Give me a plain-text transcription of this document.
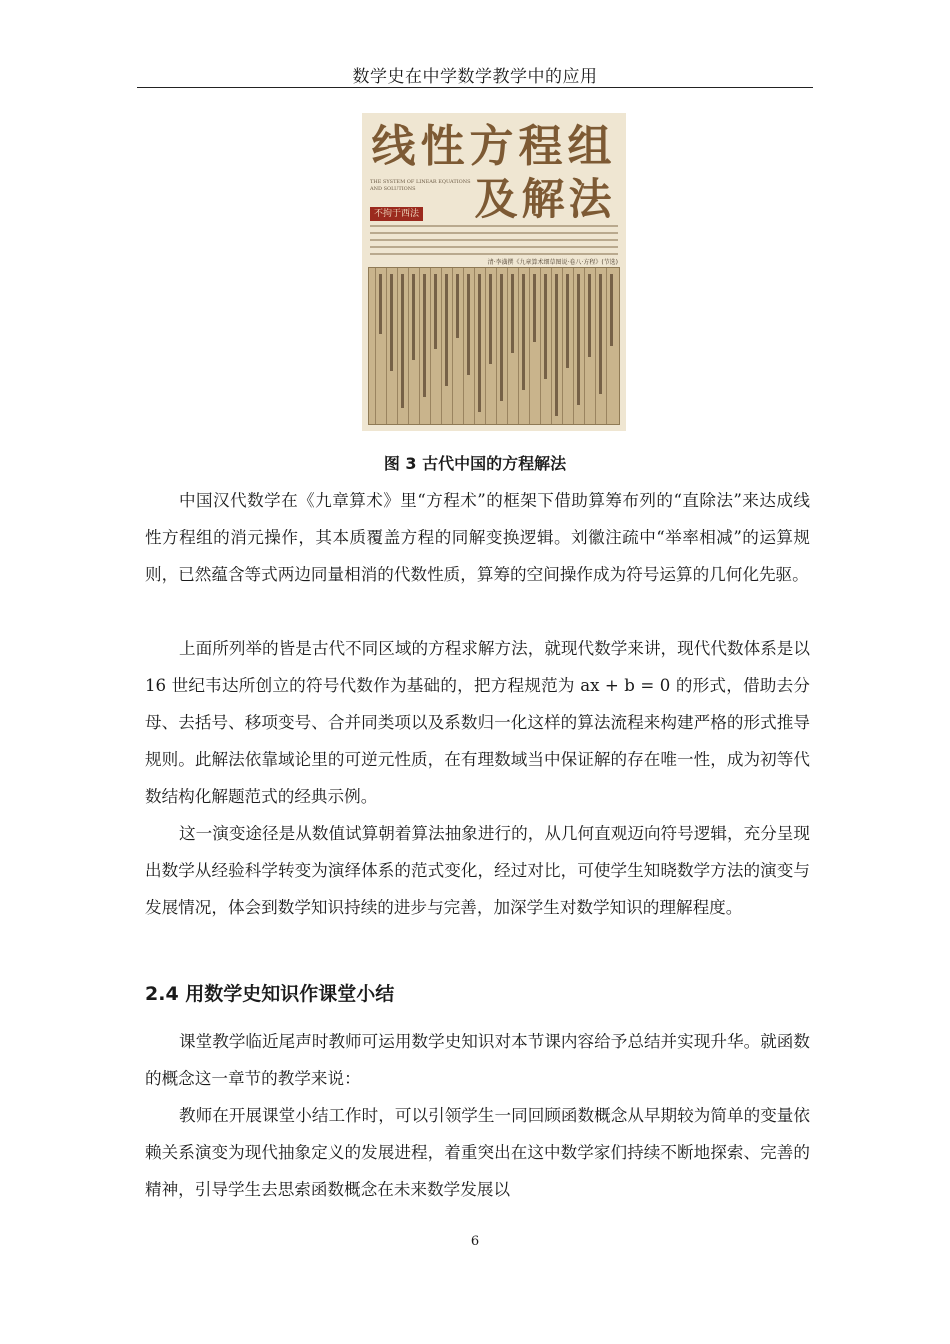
数学史在中学数学教学中的应用
线性方程组
THE SYSTEM OF LINEAR EQUATIONS AND SOLUTIONS	及解法
不拘于西法
清·李潢撰《九章算术细草图说·卷八·方程》(节选)
图 3 古代中国的方程解法

中国汉代数学在《九章算术》里“方程术”的框架下借助算筹布列的“直除法”来达成线性方程组的消元操作，其本质覆盖方程的同解变换逻辑。刘徽注疏中“举率相减”的运算规则，已然蕴含等式两边同量相消的代数性质，算筹的空间操作成为符号运算的几何化先驱。

上面所列举的皆是古代不同区域的方程求解方法，就现代数学来讲，现代代数体系是以 16 世纪韦达所创立的符号代数作为基础的，把方程规范为 ax + b = 0 的形式，借助去分母、去括号、移项变号、合并同类项以及系数归一化这样的算法流程来构建严格的形式推导规则。此解法依靠域论里的可逆元性质，在有理数域当中保证解的存在唯一性，成为初等代数结构化解题范式的经典示例。

这一演变途径是从数值试算朝着算法抽象进行的，从几何直观迈向符号逻辑，充分呈现出数学从经验科学转变为演绎体系的范式变化，经过对比，可使学生知晓数学方法的演变与发展情况，体会到数学知识持续的进步与完善，加深学生对数学知识的理解程度。

2.4 用数学史知识作课堂小结

课堂教学临近尾声时教师可运用数学史知识对本节课内容给予总结并实现升华。就函数的概念这一章节的教学来说：

教师在开展课堂小结工作时，可以引领学生一同回顾函数概念从早期较为简单的变量依赖关系演变为现代抽象定义的发展进程，着重突出在这中数学家们持续不断地探索、完善的精神，引导学生去思索函数概念在未来数学发展以

6
